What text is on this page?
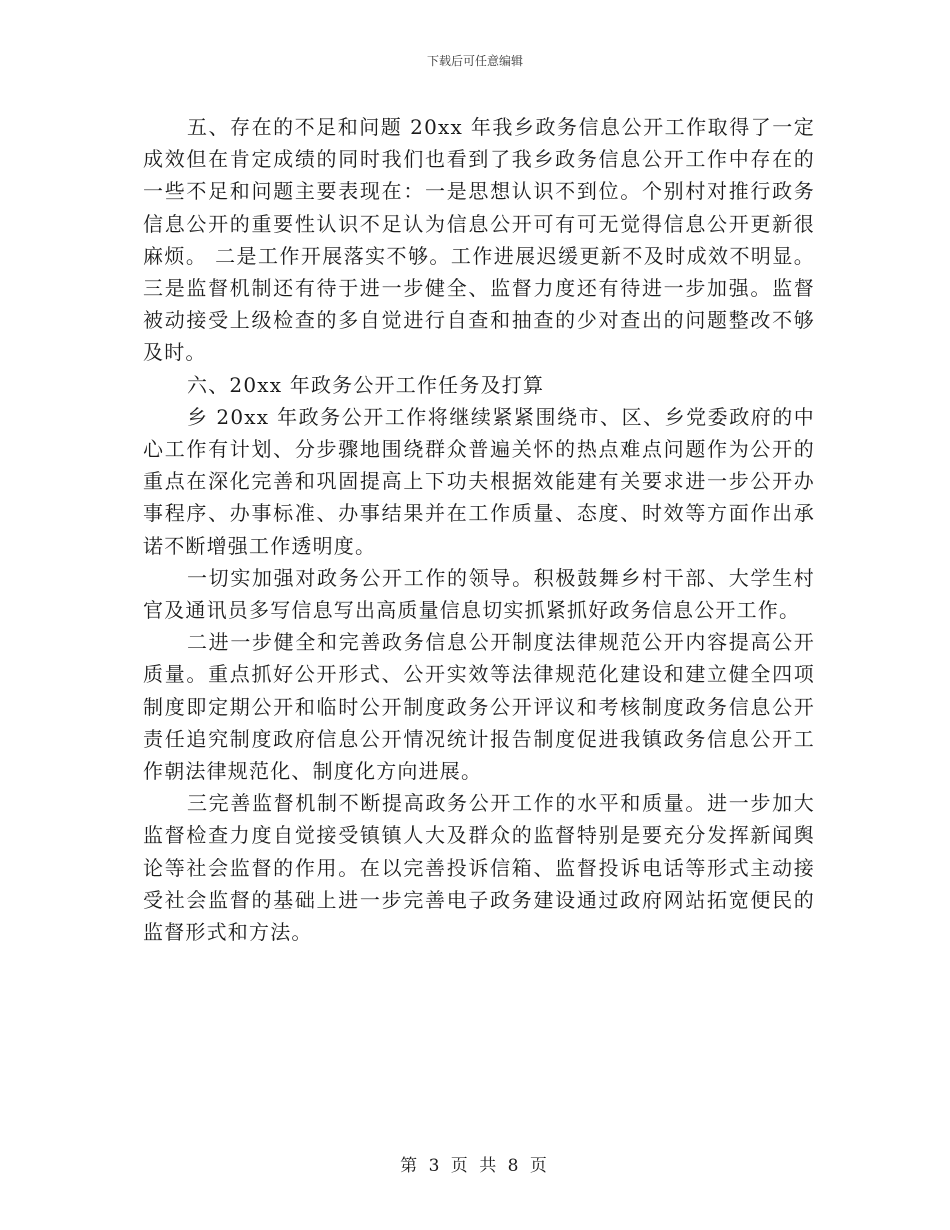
下载后可任意编辑

五、存在的不足和问题 20xx 年我乡政务信息公开工作取得了一定成效但在肯定成绩的同时我们也看到了我乡政务信息公开工作中存在的一些不足和问题主要表现在：一是思想认识不到位。个别村对推行政务信息公开的重要性认识不足认为信息公开可有可无觉得信息公开更新很麻烦。 二是工作开展落实不够。工作进展迟缓更新不及时成效不明显。三是监督机制还有待于进一步健全、监督力度还有待进一步加强。监督被动接受上级检查的多自觉进行自查和抽查的少对查出的问题整改不够及时。

六、20xx 年政务公开工作任务及打算

乡 20xx 年政务公开工作将继续紧紧围绕市、区、乡党委政府的中心工作有计划、分步骤地围绕群众普遍关怀的热点难点问题作为公开的重点在深化完善和巩固提高上下功夫根据效能建有关要求进一步公开办事程序、办事标准、办事结果并在工作质量、态度、时效等方面作出承诺不断增强工作透明度。

一切实加强对政务公开工作的领导。积极鼓舞乡村干部、大学生村官及通讯员多写信息写出高质量信息切实抓紧抓好政务信息公开工作。

二进一步健全和完善政务信息公开制度法律规范公开内容提高公开质量。重点抓好公开形式、公开实效等法律规范化建设和建立健全四项制度即定期公开和临时公开制度政务公开评议和考核制度政务信息公开责任追究制度政府信息公开情况统计报告制度促进我镇政务信息公开工作朝法律规范化、制度化方向进展。

三完善监督机制不断提高政务公开工作的水平和质量。进一步加大监督检查力度自觉接受镇镇人大及群众的监督特别是要充分发挥新闻舆论等社会监督的作用。在以完善投诉信箱、监督投诉电话等形式主动接受社会监督的基础上进一步完善电子政务建设通过政府网站拓宽便民的监督形式和方法。

第 3 页 共 8 页
